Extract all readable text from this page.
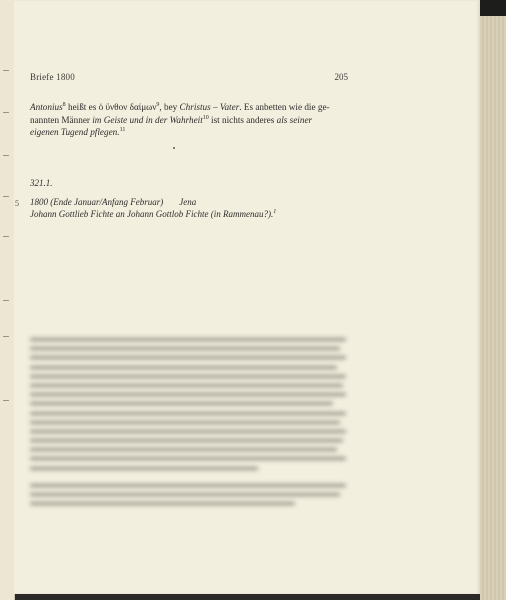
Briefe 1800	205
Antonius$^8$ heißt es ὁ ϋνθον δαίμων$^9$, bey Christus – Vater. Es anbetten wie die ge-
nannten Männer im Geiste und in der Wahrheit$^{10}$ ist nichts anderes als seiner
eigenen Tugend pflegen.$^{11}$
321.1.
5 1800 (Ende Januar/Anfang Februar) Jena
Johann Gottlieb Fichte an Johann Gottlob Fichte (in Rammenau?).$^1$
